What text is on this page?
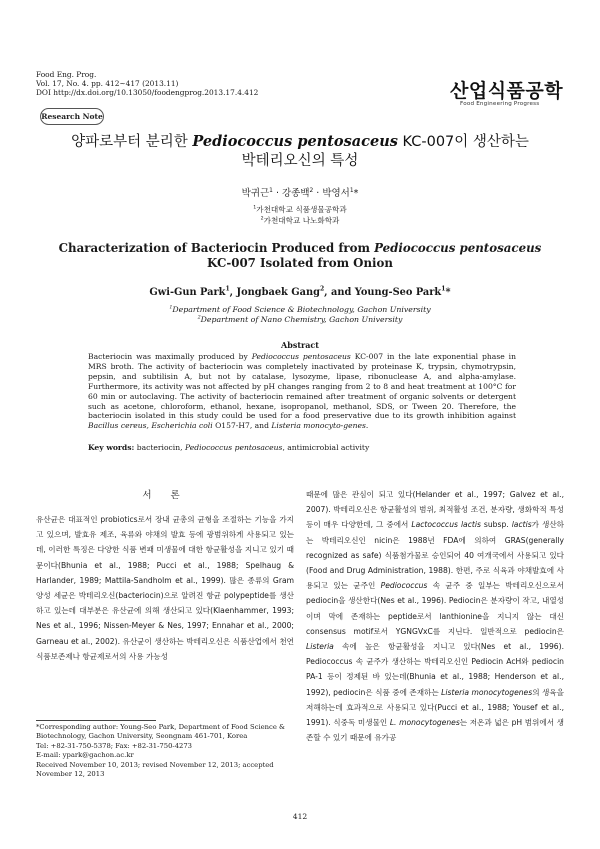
Food Eng. Prog.
Vol. 17, No. 4. pp. 412~417 (2013.11)
DOI http://dx.doi.org/10.13050/foodengprog.2013.17.4.412	산업식품공학
Food Engineering Progress
Research Note
양파로부터 분리한 Pediococcus pentosaceus KC-007이 생산하는
박테리오신의 특성
박귀근$^1$ · 강종백$^2$ · 박영서$^1$*
$^1$가천대학교 식품생물공학과
$^2$가천대학교 나노화학과
Characterization of Bacteriocin Produced from Pediococcus pentosaceus
KC-007 Isolated from Onion
Gwi-Gun Park$^1$, Jongbaek Gang$^2$, and Young-Seo Park$^1$*
$^1$Department of Food Science & Biotechnology, Gachon University
$^2$Department of Nano Chemistry, Gachon University
Abstract
Bacteriocin was maximally produced by Pediococcus pentosaceus KC-007 in the late exponential phase in MRS broth. The activity of bacteriocin was completely inactivated by proteinase K, trypsin, chymotrypsin, pepsin, and subtilisin A, but not by catalase, lysozyme, lipase, ribonuclease A, and alpha-amylase. Furthermore, its activity was not affected by pH changes ranging from 2 to 8 and heat treatment at 100°C for 60 min or autoclaving. The activity of bacteriocin remained after treatment of organic solvents or detergent such as acetone, chloroform, ethanol, hexane, isopropanol, methanol, SDS, or Tween 20. Therefore, the bacteriocin isolated in this study could be used for a food preservative due to its growth inhibition against Bacillus cereus, Escherichia coli O157-H7, and Listeria monocyto-genes.
Key words: bacteriocin, Pediococcus pentosaceus, antimicrobial activity
서 론
유산균은 대표적인 probiotics로서 장내 균총의 균형을 조절하는 기능을 가지고 있으며, 발효유 제조, 육류와 야채의 발효 등에 광범위하게 사용되고 있는데, 이러한 특징은 다양한 식품 변패 미생물에 대한 항균활성을 지니고 있기 때문이다(Bhunia et al., 1988; Pucci et al., 1988; Spelhaug & Harlander, 1989; Mattila-Sandholm et al., 1999). 많은 종류의 Gram 양성 세균은 박테리오신(bacteriocin)으로 알려진 항균 polypeptide를 생산하고 있는데 대부분은 유산균에 의해 생산되고 있다(Klaenhammer, 1993; Nes et al., 1996; Nissen-Meyer & Nes, 1997; Ennahar et al., 2000; Garneau et al., 2002). 유산균이 생산하는 박테리오신은 식품산업에서 천연 식품보존제나 항균제로서의 사용 가능성
때문에 많은 관심이 되고 있다(Helander et al., 1997; Galvez et al., 2007). 박테리오신은 항균활성의 범위, 최적활성 조건, 분자량, 생화학적 특성 등이 매우 다양한데, 그 중에서 Lactococcus lactis subsp. lactis가 생산하는 박테리오신인 nicin은 1988년 FDA에 의하여 GRAS(generally recognized as safe) 식품첨가물로 승인되어 40 여개국에서 사용되고 있다(Food and Drug Administration, 1988). 한편, 주로 식육과 야채발효에 사용되고 있는 균주인 Pediococcus 속 균주 중 일부는 박테리오신으로서 pediocin을 생산한다(Nes et al., 1996). Pediocin은 분자량이 작고, 내열성이며 막에 존재하는 peptide로서 lanthionine을 지니지 않는 대신 consensus motif로서 YGNGVxC를 지닌다. 일반적으로 pediocin은 Listeria 속에 높은 항균활성을 지니고 있다(Nes et al., 1996). Pediococcus 속 균주가 생산하는 박테리오신인 Pediocin AcH와 pediocin PA-1 등이 정제된 바 있는데(Bhunia et al., 1988; Henderson et al., 1992), pediocin은 식품 중에 존재하는 Listeria monocytogenes의 생육을 저해하는데 효과적으로 사용되고 있다(Pucci et al., 1988; Yousef et al., 1991). 식중독 미생물인 L. monocytogenes는 저온과 넓은 pH 범위에서 생존할 수 있기 때문에 유가공
*Corresponding author: Young-Seo Park, Department of Food Science & Biotechnology, Gachon University, Seongnam 461-701, Korea
Tel: +82-31-750-5378; Fax: +82-31-750-4273
E-mail: ypark@gachon.ac.kr
Received November 10, 2013; revised November 12, 2013; accepted November 12, 2013
412
